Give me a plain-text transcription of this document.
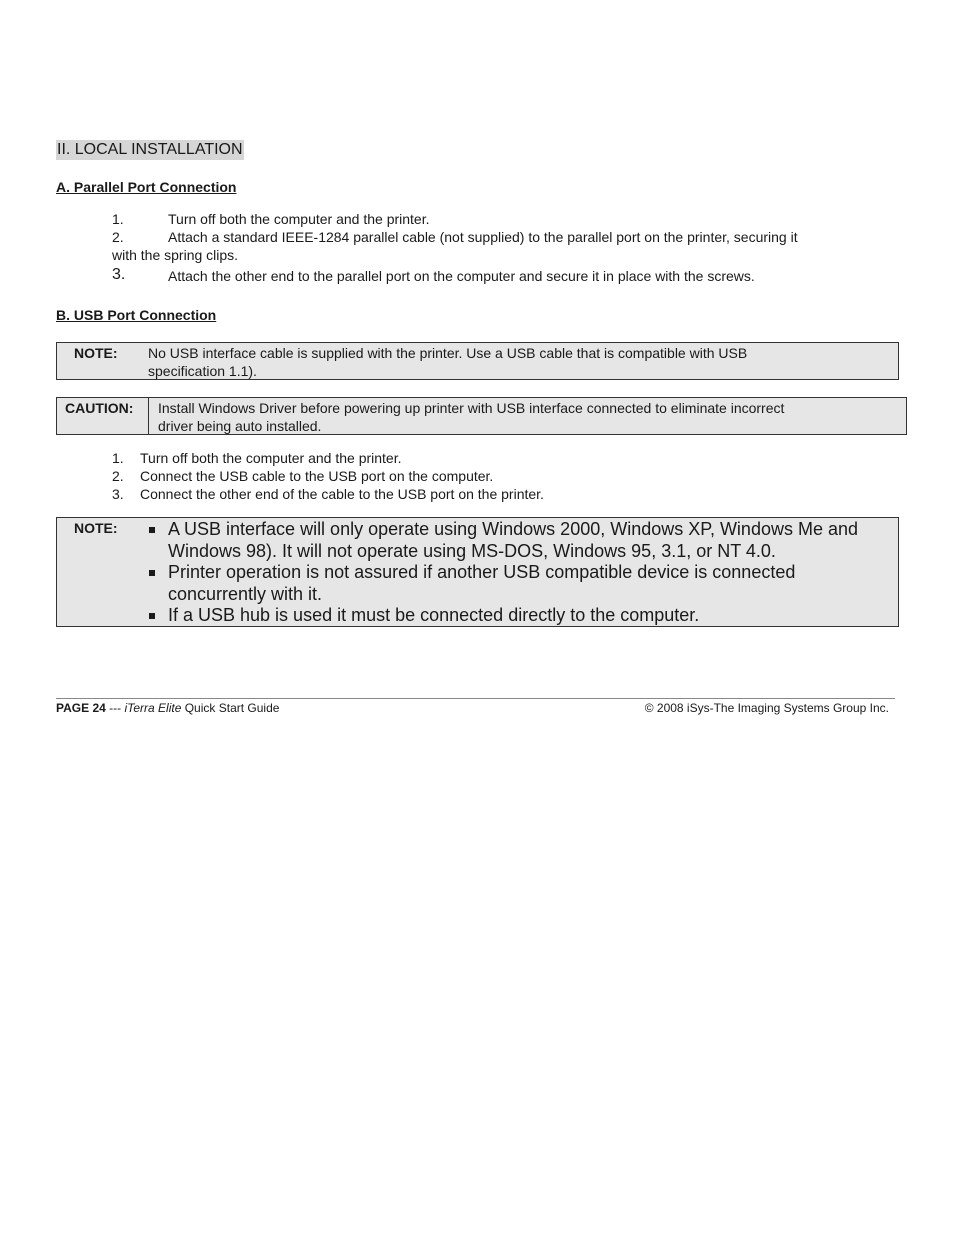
II. LOCAL INSTALLATION
A. Parallel Port Connection
1.	Turn off both the computer and the printer.
2.	Attach a standard IEEE-1284 parallel cable (not supplied) to the parallel port on the printer, securing it
with the spring clips.
3.	Attach the other end to the parallel port on the computer and secure it in place with the screws.
B. USB Port Connection
NOTE: No USB interface cable is supplied with the printer. Use a USB cable that is compatible with USB
specification 1.1).
CAUTION: Install Windows Driver before powering up printer with USB interface connected to eliminate incorrect
driver being auto installed.
1. Turn off both the computer and the printer.
2. Connect the USB cable to the USB port on the computer.
3. Connect the other end of the cable to the USB port on the printer.
NOTE:	A USB interface will only operate using Windows 2000, Windows XP, Windows Me and
Windows 98). It will not operate using MS-DOS, Windows 95, 3.1, or NT 4.0.
Printer operation is not assured if another USB compatible device is connected
concurrently with it.
If a USB hub is used it must be connected directly to the computer.
PAGE 24 --- iTerra Elite Quick Start Guide	© 2008 iSys-The Imaging Systems Group Inc.
